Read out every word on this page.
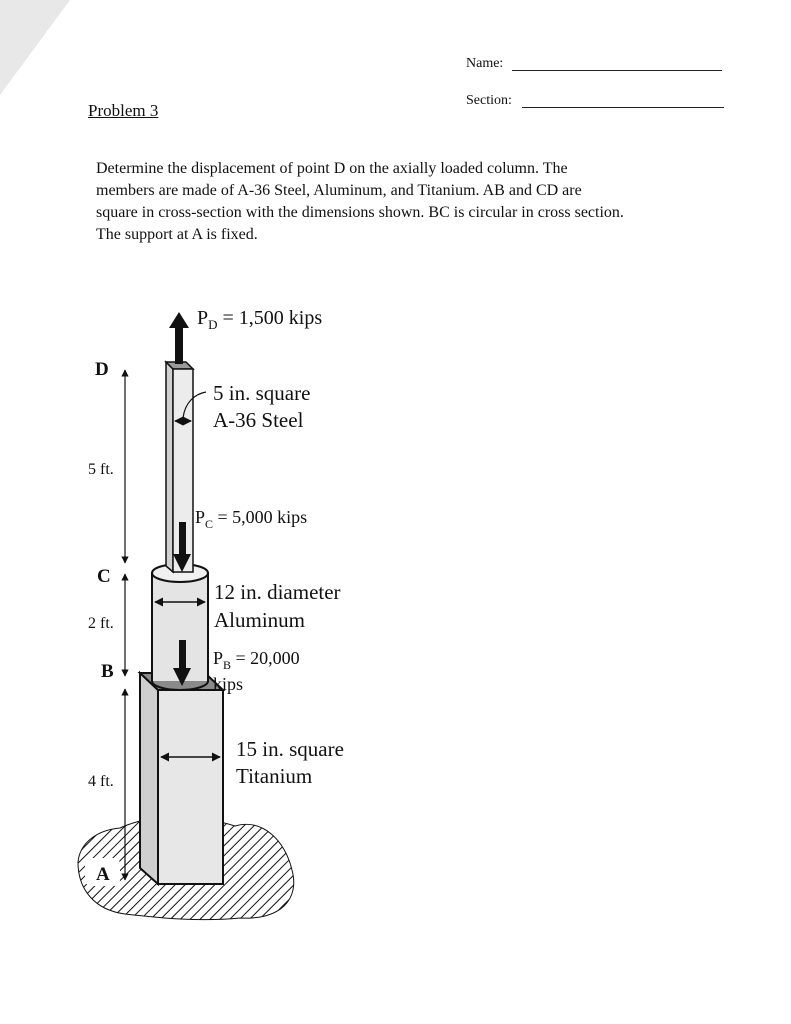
Name:
Section:
Problem 3

Determine the displacement of point D on the axially loaded column. The

members are made of A-36 Steel, Aluminum, and Titanium. AB and CD are

square in cross-section with the dimensions shown. BC is circular in cross section.

The support at A is fixed.

D
C
B
A
5 ft.
2 ft.
4 ft.
$P_D = 1,500$ kips
$P_C = 5,000$ kips
$P_B = 20,000$
kips
5 in. square
A-36 Steel
12 in. diameter
Aluminum
15 in. square
Titanium
